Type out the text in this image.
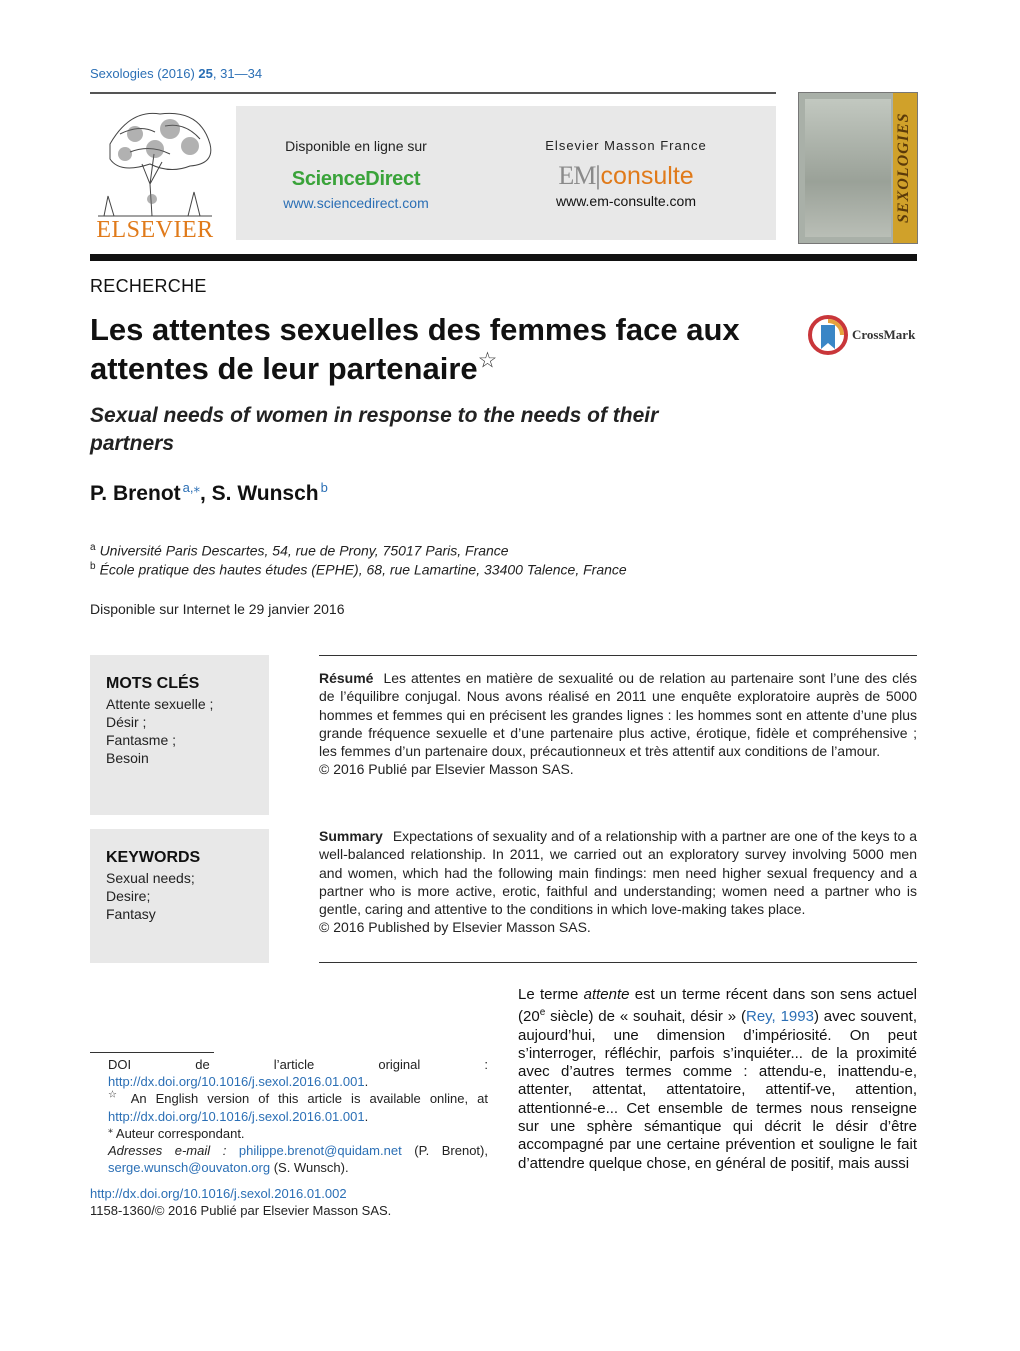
Sexologies (2016) 25, 31—34
ELSEVIER
Disponible en ligne sur
ScienceDirect
www.sciencedirect.com
Elsevier Masson France
EM|consulte
www.em-consulte.com	SEXOLOGIES
RECHERCHE
Les attentes sexuelles des femmes face aux attentes de leur partenaire☆
CrossMark
Sexual needs of women in response to the needs of their partners
P. Brenot $^{a,⁎}$, S. Wunsch $^b$
$^a$ Université Paris Descartes, 54, rue de Prony, 75017 Paris, France
$^b$ École pratique des hautes études (EPHE), 68, rue Lamartine, 33400 Talence, France
Disponible sur Internet le 29 janvier 2016
MOTS CLÉS
Attente sexuelle ;
Désir ;
Fantasme ;
Besoin
KEYWORDS
Sexual needs;
Desire;
Fantasy
Résumé Les attentes en matière de sexualité ou de relation au partenaire sont l’une des clés de l’équilibre conjugal. Nous avons réalisé en 2011 une enquête exploratoire auprès de 5000 hommes et femmes qui en précisent les grandes lignes : les hommes sont en attente d’une plus grande fréquence sexuelle et d’une partenaire plus active, érotique, fidèle et compréhensive ; les femmes d’un partenaire doux, précautionneux et très attentif aux conditions de l’amour.
© 2016 Publié par Elsevier Masson SAS.
Summary Expectations of sexuality and of a relationship with a partner are one of the keys to a well-balanced relationship. In 2011, we carried out an exploratory survey involving 5000 men and women, which had the following main findings: men need higher sexual frequency and a partner who is more active, erotic, faithful and understanding; women need a partner who is gentle, caring and attentive to the conditions in which love-making takes place.
© 2016 Published by Elsevier Masson SAS.
Le terme attente est un terme récent dans son sens actuel (20e siècle) de « souhait, désir » (Rey, 1993) avec souvent, aujourd’hui, une dimension d’impériosité. On peut s’interroger, réfléchir, parfois s’inquiéter... de la proximité avec d’autres termes comme : attendu-e, inattendu-e, attenter, attentat, attentatoire, attentif-ve, attention, attentionné-e... Cet ensemble de termes nous renseigne sur une sphère sémantique qui décrit le désir d’être accompagné par une certaine prévention et souligne le fait d’attendre quelque chose, en général de positif, mais aussi
DOI de l’article original : http://dx.doi.org/10.1016/j.sexol.2016.01.001.
☆ An English version of this article is available online, at http://dx.doi.org/10.1016/j.sexol.2016.01.001.
⁎ Auteur correspondant.
Adresses e-mail : philippe.brenot@quidam.net (P. Brenot), serge.wunsch@ouvaton.org (S. Wunsch).
http://dx.doi.org/10.1016/j.sexol.2016.01.002
1158-1360/© 2016 Publié par Elsevier Masson SAS.
